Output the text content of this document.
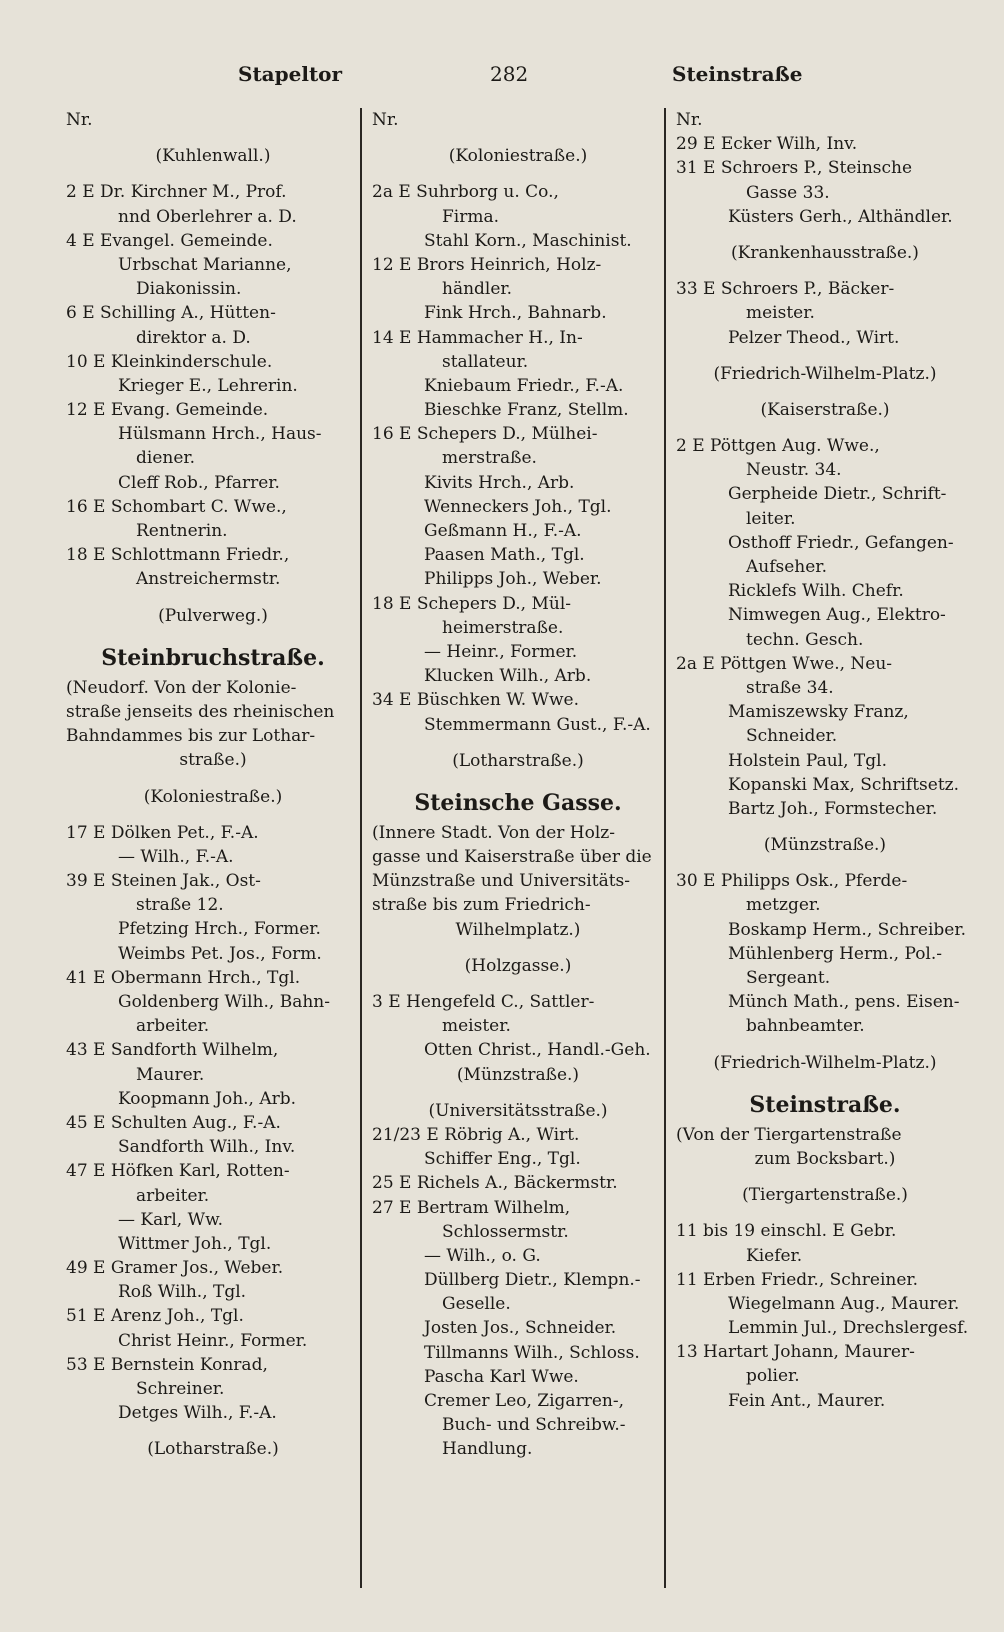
Stapeltor	282	Steinstraße
Nr.
(Kuhlenwall.)
2 E Dr. Kirchner M., Prof.
nnd Oberlehrer a. D.
4 E Evangel. Gemeinde.
Urbschat Marianne,
Diakonissin.
6 E Schilling A., Hütten-
direktor a. D.
10 E Kleinkinderschule.
Krieger E., Lehrerin.
12 E Evang. Gemeinde.
Hülsmann Hrch., Haus-
diener.
Cleff Rob., Pfarrer.
16 E Schombart C. Wwe.,
Rentnerin.
18 E Schlottmann Friedr.,
Anstreichermstr.
(Pulverweg.)
Steinbruchstraße.
(Neudorf. Von der Kolonie-
straße jenseits des rheinischen
Bahndammes bis zur Lothar-
straße.)
(Koloniestraße.)
17 E Dölken Pet., F.-A.
— Wilh., F.-A.
39 E Steinen Jak., Ost-
straße 12.
Pfetzing Hrch., Former.
Weimbs Pet. Jos., Form.
41 E Obermann Hrch., Tgl.
Goldenberg Wilh., Bahn-
arbeiter.
43 E Sandforth Wilhelm,
Maurer.
Koopmann Joh., Arb.
45 E Schulten Aug., F.-A.
Sandforth Wilh., Inv.
47 E Höfken Karl, Rotten-
arbeiter.
— Karl, Ww.
Wittmer Joh., Tgl.
49 E Gramer Jos., Weber.
Roß Wilh., Tgl.
51 E Arenz Joh., Tgl.
Christ Heinr., Former.
53 E Bernstein Konrad,
Schreiner.
Detges Wilh., F.-A.
(Lotharstraße.)
Nr.
(Koloniestraße.)
2a E Suhrborg u. Co.,
Firma.
Stahl Korn., Maschinist.
12 E Brors Heinrich, Holz-
händler.
Fink Hrch., Bahnarb.
14 E Hammacher H., In-
stallateur.
Kniebaum Friedr., F.-A.
Bieschke Franz, Stellm.
16 E Schepers D., Mülhei-
merstraße.
Kivits Hrch., Arb.
Wenneckers Joh., Tgl.
Geßmann H., F.-A.
Paasen Math., Tgl.
Philipps Joh., Weber.
18 E Schepers D., Mül-
heimerstraße.
— Heinr., Former.
Klucken Wilh., Arb.
34 E Büschken W. Wwe.
Stemmermann Gust., F.-A.
(Lotharstraße.)
Steinsche Gasse.
(Innere Stadt. Von der Holz-
gasse und Kaiserstraße über die
Münzstraße und Universitäts-
straße bis zum Friedrich-
Wilhelmplatz.)
(Holzgasse.)
3 E Hengefeld C., Sattler-
meister.
Otten Christ., Handl.-Geh.
(Münzstraße.)
(Universitätsstraße.)
21/23 E Röbrig A., Wirt.
Schiffer Eng., Tgl.
25 E Richels A., Bäckermstr.
27 E Bertram Wilhelm,
Schlossermstr.
— Wilh., o. G.
Düllberg Dietr., Klempn.-
Geselle.
Josten Jos., Schneider.
Tillmanns Wilh., Schloss.
Pascha Karl Wwe.
Cremer Leo, Zigarren-,
Buch- und Schreibw.-
Handlung.
Nr.
29 E Ecker Wilh, Inv.
31 E Schroers P., Steinsche
Gasse 33.
Küsters Gerh., Althändler.
(Krankenhausstraße.)
33 E Schroers P., Bäcker-
meister.
Pelzer Theod., Wirt.
(Friedrich-Wilhelm-Platz.)
(Kaiserstraße.)
2 E Pöttgen Aug. Wwe.,
Neustr. 34.
Gerpheide Dietr., Schrift-
leiter.
Osthoff Friedr., Gefangen-
Aufseher.
Ricklefs Wilh. Chefr.
Nimwegen Aug., Elektro-
techn. Gesch.
2a E Pöttgen Wwe., Neu-
straße 34.
Mamiszewsky Franz,
Schneider.
Holstein Paul, Tgl.
Kopanski Max, Schriftsetz.
Bartz Joh., Formstecher.
(Münzstraße.)
30 E Philipps Osk., Pferde-
metzger.
Boskamp Herm., Schreiber.
Mühlenberg Herm., Pol.-
Sergeant.
Münch Math., pens. Eisen-
bahnbeamter.
(Friedrich-Wilhelm-Platz.)
Steinstraße.
(Von der Tiergartenstraße
zum Bocksbart.)
(Tiergartenstraße.)
11 bis 19 einschl. E Gebr.
Kiefer.
11 Erben Friedr., Schreiner.
Wiegelmann Aug., Maurer.
Lemmin Jul., Drechslergesf.
13 Hartart Johann, Maurer-
polier.
Fein Ant., Maurer.
